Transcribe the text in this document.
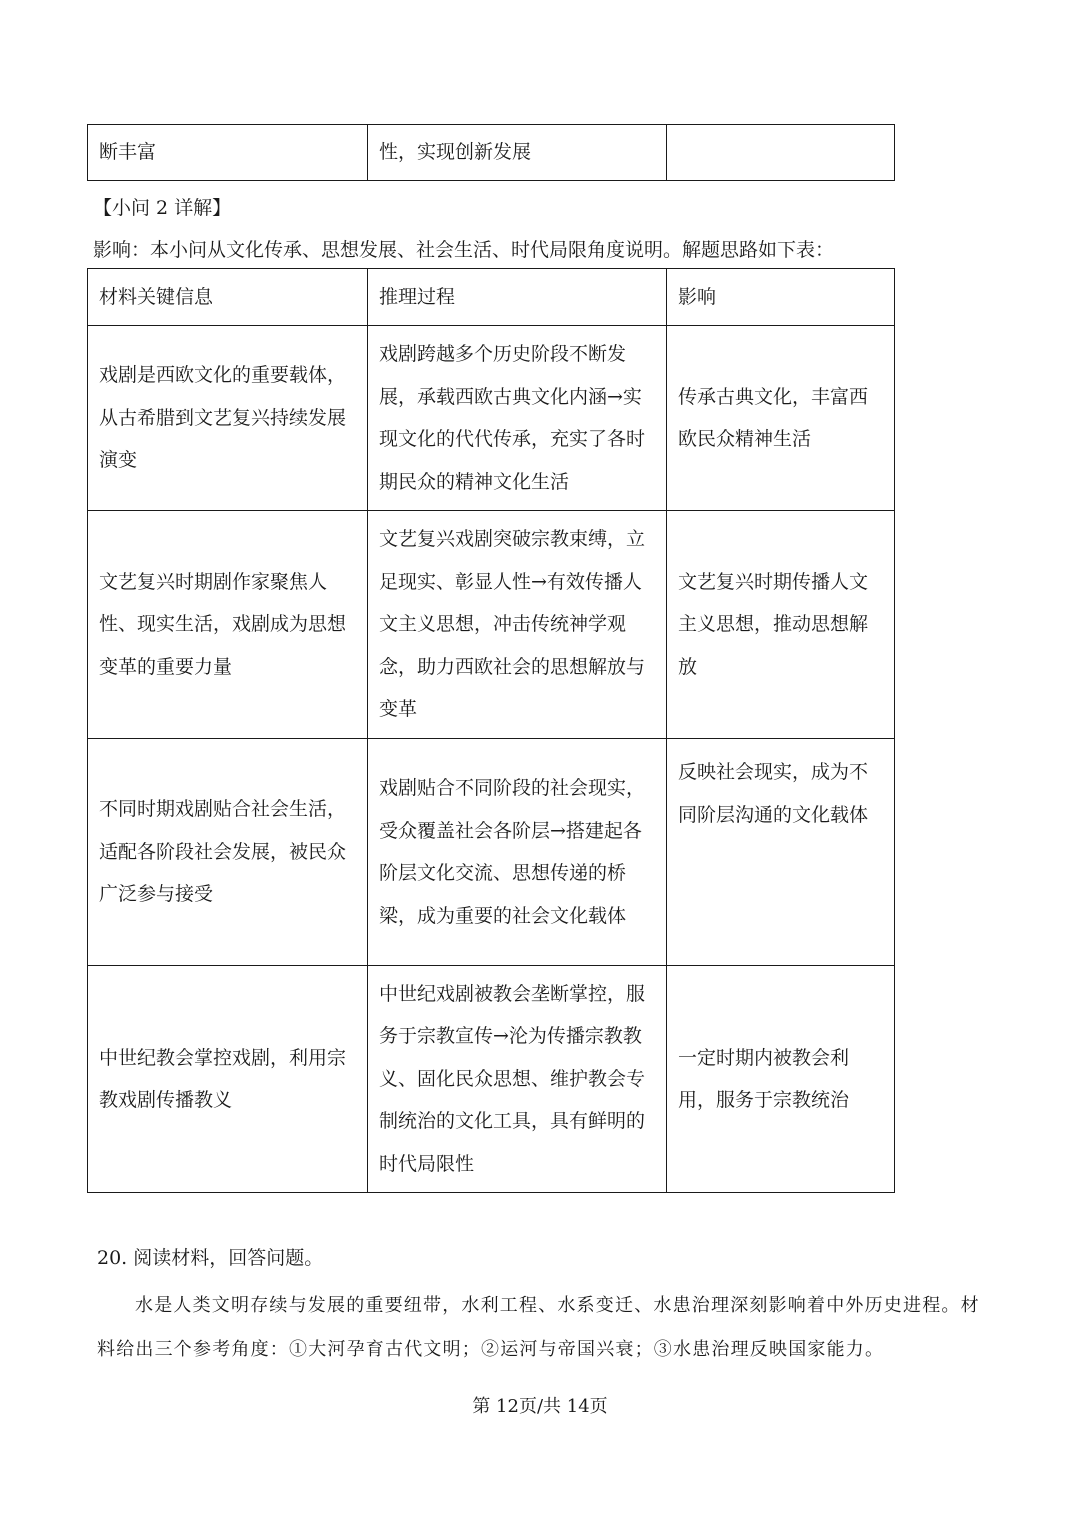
断丰富	性，实现创新发展	
【小问 2 详解】
影响：本小问从文化传承、思想发展、社会生活、时代局限角度说明。解题思路如下表：
材料关键信息	推理过程	影响
戏剧是西欧文化的重要载体，从古希腊到文艺复兴持续发展演变	戏剧跨越多个历史阶段不断发展，承载西欧古典文化内涵→实现文化的代代传承，充实了各时期民众的精神文化生活	传承古典文化，丰富西欧民众精神生活
文艺复兴时期剧作家聚焦人性、现实生活，戏剧成为思想变革的重要力量	文艺复兴戏剧突破宗教束缚，立足现实、彰显人性→有效传播人文主义思想，冲击传统神学观念，助力西欧社会的思想解放与变革	文艺复兴时期传播人文主义思想，推动思想解放
不同时期戏剧贴合社会生活，适配各阶段社会发展，被民众广泛参与接受	戏剧贴合不同阶段的社会现实，受众覆盖社会各阶层→搭建起各阶层文化交流、思想传递的桥梁，成为重要的社会文化载体	反映社会现实，成为不同阶层沟通的文化载体
中世纪教会掌控戏剧，利用宗教戏剧传播教义	中世纪戏剧被教会垄断掌控，服务于宗教宣传→沦为传播宗教教义、固化民众思想、维护教会专制统治的文化工具，具有鲜明的时代局限性	一定时期内被教会利用，服务于宗教统治
20. 阅读材料，回答问题。
水是人类文明存续与发展的重要纽带，水利工程、水系变迁、水患治理深刻影响着中外历史进程。材料给出三个参考角度：①大河孕育古代文明；②运河与帝国兴衰；③水患治理反映国家能力。
第 12页/共 14页
